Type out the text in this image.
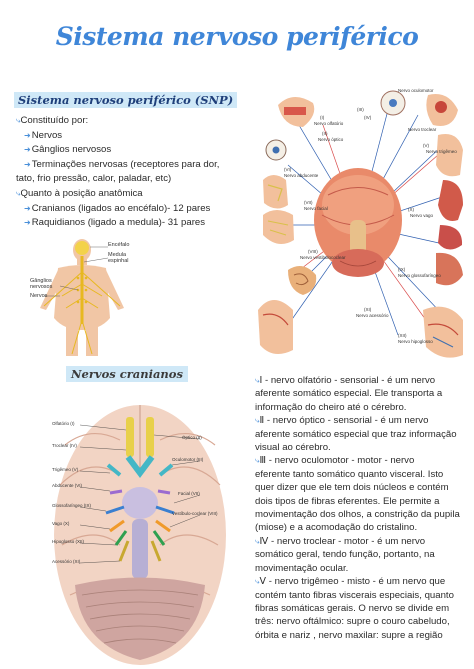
Sistema nervoso periférico
Sistema nervoso periférico (SNP)
⤷Constituído por:
➜Nervos
➜Gânglios nervosos
➜Terminações nervosas (receptores para dor,
tato, frio pressão, calor, paladar, etc)
⤷Quanto à posição anatômica
➜Cranianos (ligados ao encéfalo)- 12 pares
➜Raquidianos (ligado a medula)- 31 pares
Encéfalo
Medula espinhal
Gânglios nervosos
Nervos
Nervo oculomotor
(III)
(I)
Nervo olfatório
(II)
Nervo óptico
(IV)
Nervo troclear
(V)
Nervo trigêmeo
(VI)
Nervo abducente
(VII)
Nervo facial
(VIII)
Nervo vestibulococlear
(IX)
Nervo glossofaríngeo
(X)
Nervo vago
(XI)
Nervo acessório
(XII)
Nervo hipoglosso
Nervos cranianos
Olfatório (I)
Óptico (II)
Oculomotor (III)
Troclear (IV)
Trigêmeo (V)
Abducente (VI)
Facial (VII)
Vestíbulo-coclear (VIII)
Glossofaríngeo (IX)
Vago (X)
Hipoglosso (XII)
Acessório (XI)
⤷Ⅰ - nervo olfatório - sensorial - é um nervo
aferente somático especial. Ele transporta a
informação do cheiro até o cérebro.
⤷Ⅱ - nervo óptico - sensorial - é um nervo
aferente somático especial que traz informação
visual ao cérebro.
⤷Ⅲ - nervo oculomotor - motor - nervo
eferente tanto somático quanto visceral. Isto
quer dizer que ele tem dois núcleos e contém
dois tipos de fibras eferentes. Ele permite a
movimentação dos olhos, a constrição da pupila
(miose) e a acomodação do cristalino.
⤷Ⅳ - nervo troclear - motor - é um nervo
somático geral, tendo função, portanto, na
movimentação ocular.
⤷Ⅴ - nervo trigêmeo - misto - é um nervo que
contém tanto fibras viscerais especiais, quanto
fibras somáticas gerais. O nervo se divide em
três: nervo oftálmico: supre o couro cabeludo,
órbita e nariz , nervo maxilar: supre a região
